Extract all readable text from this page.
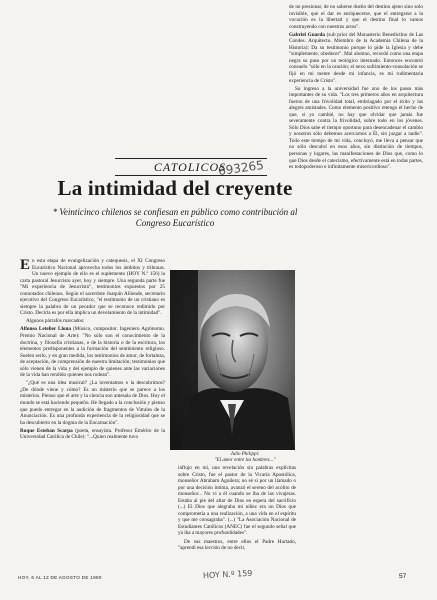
de no presionar, de no saberse dueño del destino ajeno sino solo invisible, que el dar es enriquecerse, que el entregarse a la vocación es la libertad y que el destino final lo vamos construyendo con nuestros actos".

Gabriel Guarda (sub prior del Monasterio Benedictino de Las Condes. Arquitecto. Miembro de la Academia Chilena de la Historia): Da su testimonio porque lo pide la Iglesia y debe "simplemente, obedecer". Mal alumno, recordó como una etapa negra su paso por un teológico internado. Entonces encontró consuelo "sólo en la oración; el nexo sufrimiento-consolación se fijó en mi mente desde mi infancia, es mi rudimentaria experiencia de Cristo".

Su ingreso a la universidad fue uno de los pasos más importantes de su vida. "Los tres primeros años en arquitectura fueron de una frivolidad total, embriagado por el éxito y las alegres amistades. Como elemento positivo retengo el hecho de que, si yo cambié, no hay que olvidar que jamás fue severamente contra la frivolidad, sobre todo en los jóvenes. Sólo Dios sabe el tiempo oportuno para desencadenar el cambio y nosotros sólo debemos acercarnos a Él, sin juzgar a nadie". Todo este tiempo de mi vida, concluyó, me lleva a pensar que no sólo descubrí en esos años, sin distinción de tiempos, personas y lugares, las manifestaciones de Dios que, como lo que Dios desde el catecismo, efectivamente está en todas partes, es todopoderoso e infinitamente misericordioso".

693265
CATOLICOS
La intimidad del creyente
* Veinticinco chilenos se confiesan en público como contribución al Congreso Eucarístico

En esta etapa de evangelización y catequesis, el XI Congreso Eucarístico Nacional aprovecha todos los ámbitos y tribunas. Un nuevo ejemplo de ello es el suplemento (HOY N.º 156) la carta pastoral Jesucristo ayer, hoy y siempre. Una segunda parte fue "Mi experiencia de Jesucristo", testimonios expuestos por 25 connotados chilenos. Según el sacerdote Joaquín Alliende, secretario ejecutivo del Congreso Eucarístico, "el testimonio de un cristiano es siempre la palabra de un pecador que se reconoce redimido por Cristo. Decirla es por ella implica un develamiento de la intimidad".

Algunos párrafos marcados:

Alfonso Letelier Llona (Músico, compositor. Ingeniero Agrónomo. Premio Nacional de Arte): "No sólo son el conocimiento de la doctrina, y filosofía cristianas, o de la historia o de la escritura, los elementos predisponentes a la formación del sentimiento religioso. Suelen serlo, y en gran medida, los testimonios de amor, de fortaleza, de aceptación, de comprensión de nuestra limitación; testimonios que sólo vienen de la vida y del ejemplo de quienes ante las variaciones de la vida han rendido quienes nos rodean".

"¿Qué es una idea musical? ¿La inventamos o la descubrimos? ¿De dónde viene y cómo? Es un misterio que se parece a los misterios. Pienso que el arte y la ciencia son antesala de Dios. Hoy el mundo se está haciendo pequeño. He llegado a la conclusión y pienso que puedo entregar en la audición de fragmentos de Vitrales de la Anunciación. Es una profunda experiencia de la religiosidad que se ha descubierto en la dogma de la Encarnación".

Roque Esteban Scarpa (poeta, ensayista. Profesor Emérito de la Universidad Católica de Chile): "...Quien realmente tuvo

Julio Philippi:
"El amor entre los hombres..."

influjo en mí, una revelación sin palabras explícitas sobre Cristo, fue el pastor de la Vicaría Apostólica, monseñor Abraham Aguilera; no sé si por un llamado o por una decisión íntima, avanzó el sereno del acólito de monseñor... No vi a él cuando se iba de las vivajeras. Estaba al pie del altar de Dios en espera del sacrificio (...) El Dios que alegraba mi niñez era un Dios que comprometía a una realización, a una vida en el espíritu y que me consagraba". (...) "La Asociación Nacional de Estudiantes Católicos (ANEC) fue el segundo señal que ya iba a mayores profundidades".

De sus maestros, entre ellos el Padre Hurtado, "aprendí esa lección de no decir,

HOY, 6 AL 12 DE AGOSTO DE 1980	HOY N.º 159	57
